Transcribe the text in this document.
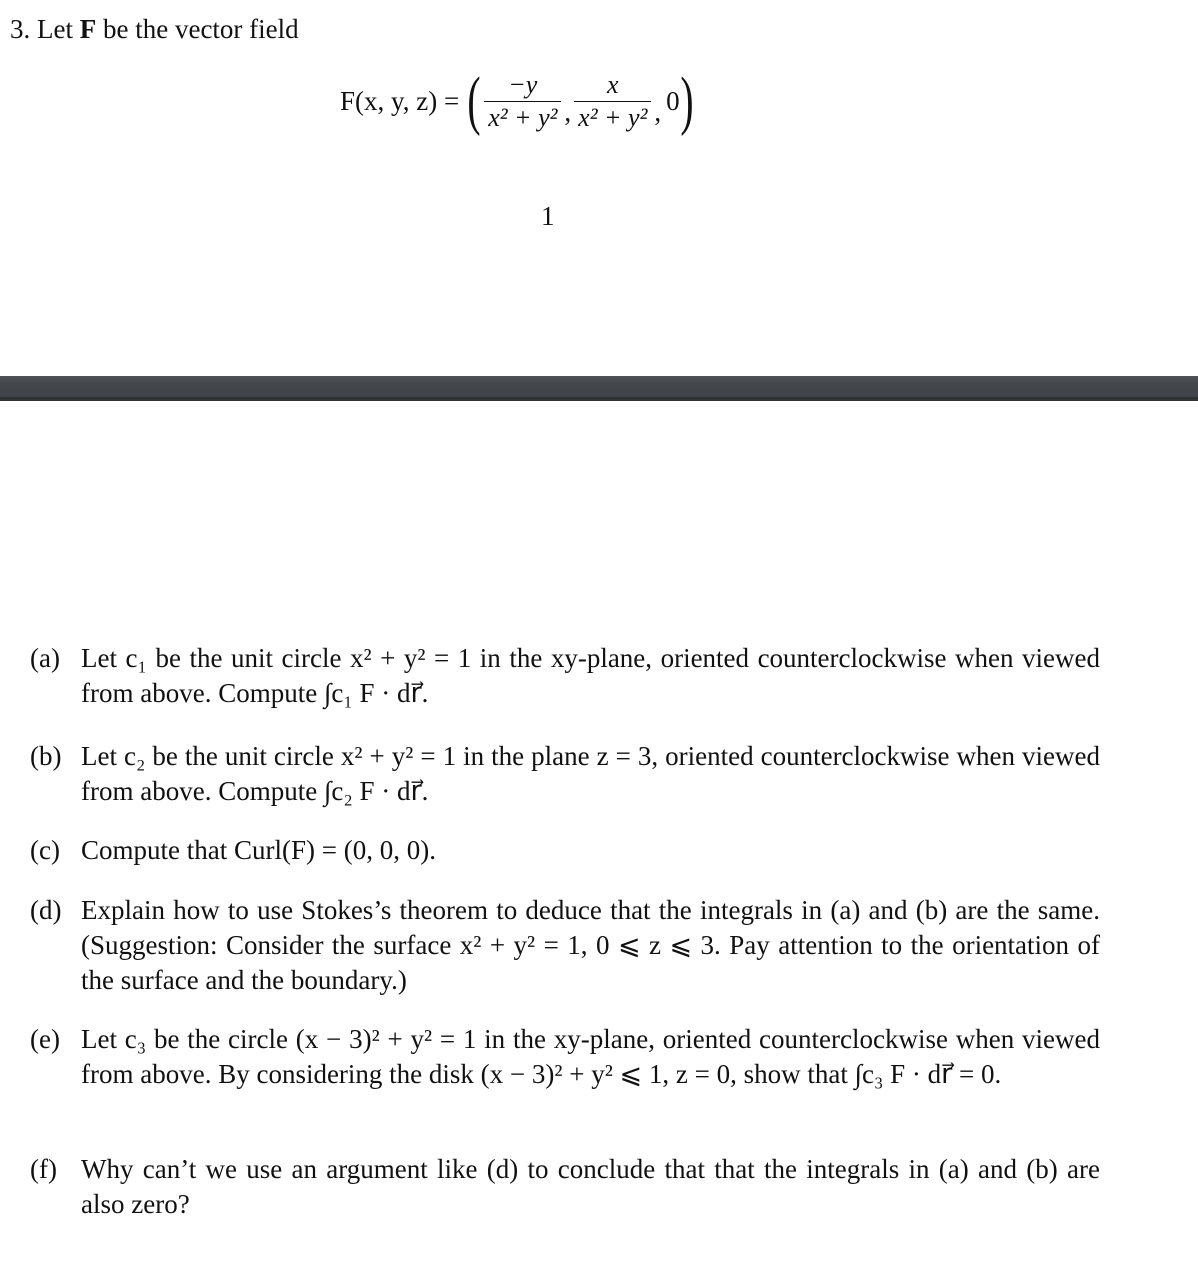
3. Let F be the vector field
F(x, y, z) = ( $\frac{-y}{\text{x² + y²}}$ , $\frac{x}{\text{x² + y²}}$ , 0 )
1
(a) Let c₁ be the unit circle x² + y² = 1 in the xy-plane, oriented counterclockwise when viewed from above. Compute ∫c₁ F · dr⃗.
(b) Let c₂ be the unit circle x² + y² = 1 in the plane z = 3, oriented counterclockwise when viewed from above. Compute ∫c₂ F · dr⃗.
(c) Compute that Curl(F) = (0, 0, 0).
(d) Explain how to use Stokes’s theorem to deduce that the integrals in (a) and (b) are the same. (Suggestion: Consider the surface x² + y² = 1, 0 ⩽ z ⩽ 3. Pay attention to the orientation of the surface and the boundary.)
(e) Let c₃ be the circle (x − 3)² + y² = 1 in the xy-plane, oriented counterclockwise when viewed from above. By considering the disk (x − 3)² + y² ⩽ 1, z = 0, show that ∫c₃ F · dr⃗ = 0.
(f) Why can’t we use an argument like (d) to conclude that that the integrals in (a) and (b) are also zero?
